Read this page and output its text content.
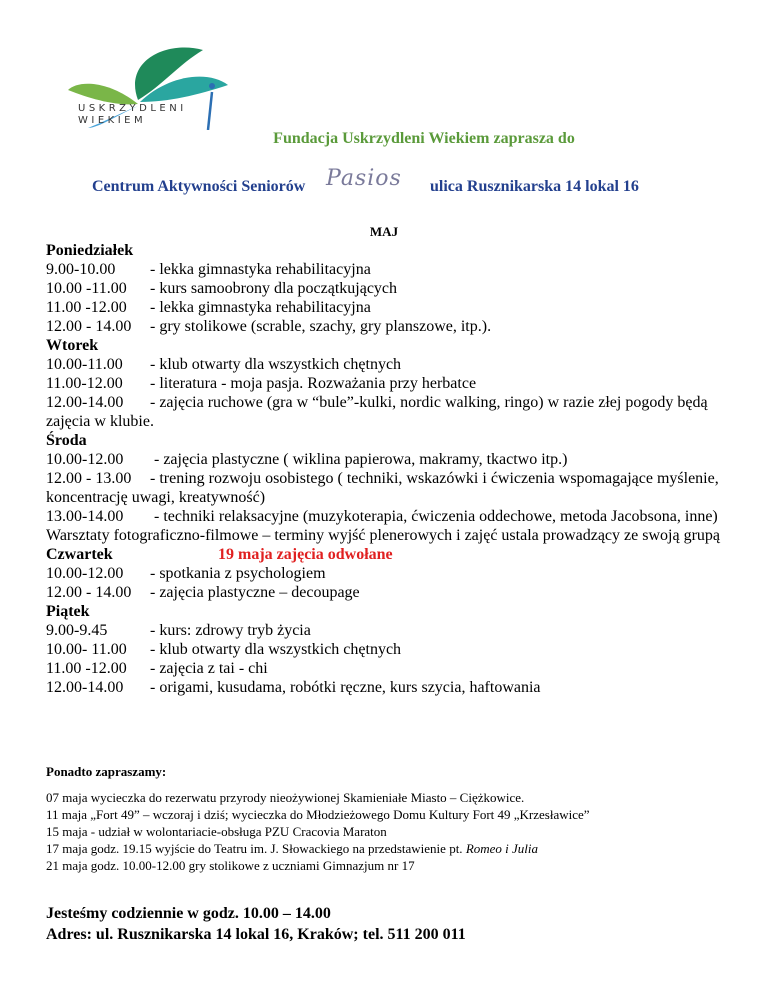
USKRZYDLENI
WIEKIEM
Fundacja Uskrzydleni Wiekiem zaprasza do
Centrum Aktywności Seniorów Pasios ulica Rusznikarska 14 lokal 16
MAJ
Poniedziałek
9.00-10.00 - lekka gimnastyka rehabilitacyjna
10.00 -11.00 - kurs samoobrony dla początkujących
11.00 -12.00 - lekka gimnastyka rehabilitacyjna
12.00 - 14.00 - gry stolikowe (scrable, szachy, gry planszowe, itp.).
Wtorek
10.00-11.00 - klub otwarty dla wszystkich chętnych
11.00-12.00 - literatura - moja pasja. Rozważania przy herbatce
12.00-14.00 - zajęcia ruchowe (gra w “bule”-kulki, nordic walking, ringo) w razie złej pogody będą zajęcia w klubie.
Środa
10.00-12.00 - zajęcia plastyczne ( wiklina papierowa, makramy, tkactwo itp.)
12.00 - 13.00 - trening rozwoju osobistego ( techniki, wskazówki i ćwiczenia wspomagające myślenie, koncentrację uwagi, kreatywność)
13.00-14.00 - techniki relaksacyjne (muzykoterapia, ćwiczenia oddechowe, metoda Jacobsona, inne)
Warsztaty fotograficzno-filmowe – terminy wyjść plenerowych i zajęć ustala prowadzący ze swoją grupą
Czwartek	19 maja zajęcia odwołane
10.00-12.00 - spotkania z psychologiem
12.00 - 14.00 - zajęcia plastyczne – decoupage
Piątek
9.00-9.45	- kurs: zdrowy tryb życia
10.00- 11.00 - klub otwarty dla wszystkich chętnych
11.00 -12.00 - zajęcia z tai - chi
12.00-14.00 - origami, kusudama, robótki ręczne, kurs szycia, haftowania
Ponadto zapraszamy:
07 maja wycieczka do rezerwatu przyrody nieożywionej Skamieniałe Miasto – Ciężkowice.
11 maja „Fort 49” – wczoraj i dziś; wycieczka do Młodzieżowego Domu Kultury Fort 49 „Krzesławice”
15 maja - udział w wolontariacie-obsługa PZU Cracovia Maraton
17 maja godz. 19.15 wyjście do Teatru im. J. Słowackiego na przedstawienie pt. Romeo i Julia
21 maja godz. 10.00-12.00 gry stolikowe z uczniami Gimnazjum nr 17
Jesteśmy codziennie w godz. 10.00 – 14.00
Adres: ul. Rusznikarska 14 lokal 16, Kraków; tel. 511 200 011
